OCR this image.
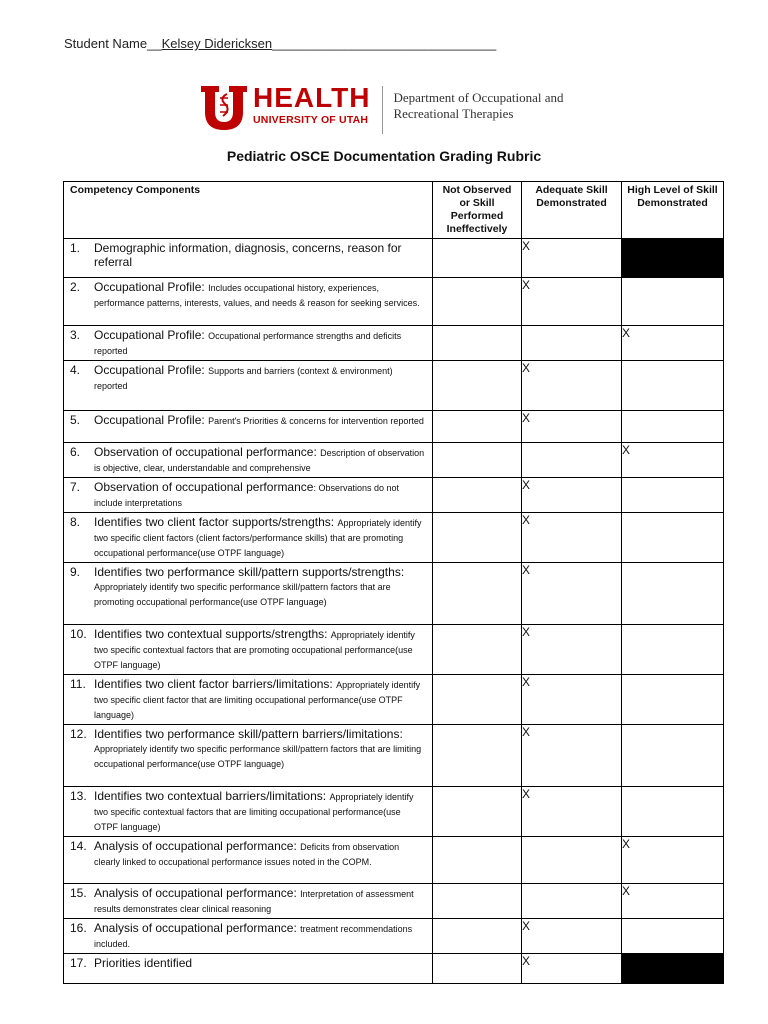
Student Name__Kelsey Didericksen_______________________________
HEALTH
UNIVERSITY OF UTAH
Department of Occupational and
Recreational Therapies
Pediatric OSCE Documentation Grading Rubric
Competency Components	Not Observed or Skill Performed Ineffectively	Adequate Skill Demonstrated	High Level of Skill Demonstrated

1. Demographic information, diagnosis, concerns, reason for referral		X	

2. Occupational Profile: Includes occupational history, experiences, performance patterns, interests, values, and needs & reason for seeking services.		X	

3. Occupational Profile: Occupational performance strengths and deficits reported			X

4. Occupational Profile: Supports and barriers (context & environment) reported		X	

5. Occupational Profile: Parent's Priorities & concerns for intervention reported		X	

6. Observation of occupational performance: Description of observation is objective, clear, understandable and comprehensive			X

7. Observation of occupational performance: Observations do not include interpretations		X	

8. Identifies two client factor supports/strengths: Appropriately identify two specific client factors (client factors/performance skills) that are promoting occupational performance(use OTPF language)		X	

9. Identifies two performance skill/pattern supports/strengths: Appropriately identify two specific performance skill/pattern factors that are promoting occupational performance(use OTPF language)		X	

10. Identifies two contextual supports/strengths: Appropriately identify two specific contextual factors that are promoting occupational performance(use OTPF language)		X	

11. Identifies two client factor barriers/limitations: Appropriately identify two specific client factor that are limiting occupational performance(use OTPF language)		X	

12. Identifies two performance skill/pattern barriers/limitations: Appropriately identify two specific performance skill/pattern factors that are limiting occupational performance(use OTPF language)		X	

13. Identifies two contextual barriers/limitations: Appropriately identify two specific contextual factors that are limiting occupational performance(use OTPF language)		X	

14. Analysis of occupational performance: Deficits from observation clearly linked to occupational performance issues noted in the COPM.			X

15. Analysis of occupational performance: Interpretation of assessment results demonstrates clear clinical reasoning			X

16. Analysis of occupational performance: treatment recommendations included.		X	

17. Priorities identified		X	
